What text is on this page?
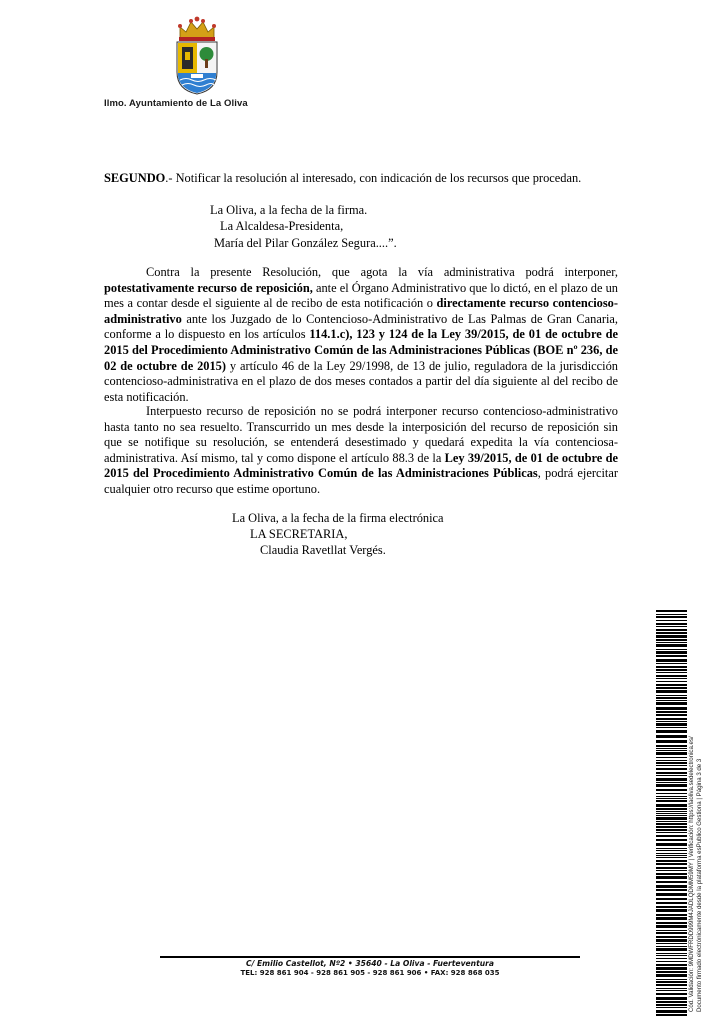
Ilmo. Ayuntamiento de La Oliva
SEGUNDO.- Notificar la resolución al interesado, con indicación de los recursos que procedan.
La Oliva, a la fecha de la firma.
La Alcaldesa-Presidenta,
María del Pilar González Segura....”.
Contra la presente Resolución, que agota la vía administrativa podrá interponer, potestativamente recurso de reposición, ante el Órgano Administrativo que lo dictó, en el plazo de un mes a contar desde el siguiente al de recibo de esta notificación o directamente recurso contencioso-administrativo ante los Juzgado de lo Contencioso-Administrativo de Las Palmas de Gran Canaria, conforme a lo dispuesto en los artículos 114.1.c), 123 y 124 de la Ley 39/2015, de 01 de octubre de 2015 del Procedimiento Administrativo Común de las Administraciones Públicas (BOE nº 236, de 02 de octubre de 2015) y artículo 46 de la Ley 29/1998, de 13 de julio, reguladora de la jurisdicción contencioso-administrativa en el plazo de dos meses contados a partir del día siguiente al del recibo de esta notificación.
Interpuesto recurso de reposición no se podrá interponer recurso contencioso-administrativo hasta tanto no sea resuelto. Transcurrido un mes desde la interposición del recurso de reposición sin que se notifique su resolución, se entenderá desestimado y quedará expedita la vía contenciosa-administrativa. Así mismo, tal y como dispone el artículo 88.3 de la Ley 39/2015, de 01 de octubre de 2015 del Procedimiento Administrativo Común de las Administraciones Públicas, podrá ejercitar cualquier otro recurso que estime oportuno.
La Oliva, a la fecha de la firma electrónica
LA SECRETARIA,
Claudia Ravetllat Vergés.
C/ Emilio Castellot, Nº2 • 35640 - La Oliva - Fuerteventura
TEL: 928 861 904 - 928 861 905 - 928 861 906 • FAX: 928 868 035	Cód. Validación: 9MDWFRDD999M4JADLQDMM59MY | Verificación: https://laoliva.sedelectronica.es/ Documento firmado electrónicamente desde la plataforma esPublico Gestiona | Página 3 de 3
